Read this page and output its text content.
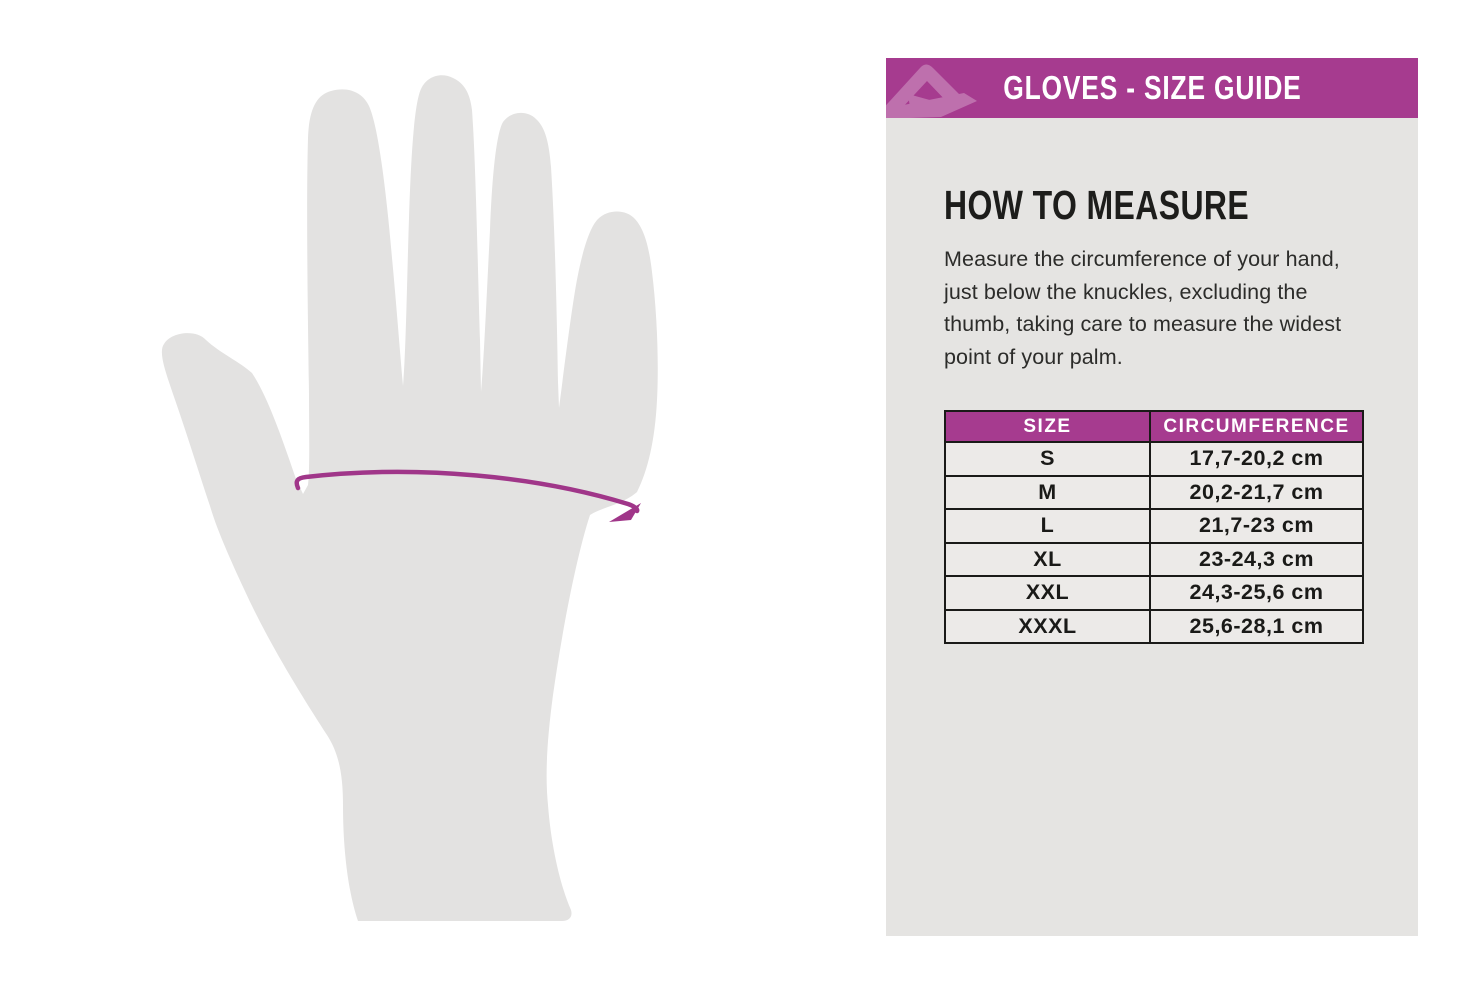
GLOVES - SIZE GUIDE
HOW TO MEASURE

Measure the circumference of your hand, just below the knuckles, excluding the thumb, taking care to measure the widest point of your palm.

SIZE	CIRCUMFERENCE
S	17,7-20,2 cm
M	20,2-21,7 cm
L	21,7-23 cm
XL	23-24,3 cm
XXL	24,3-25,6 cm
XXXL	25,6-28,1 cm
